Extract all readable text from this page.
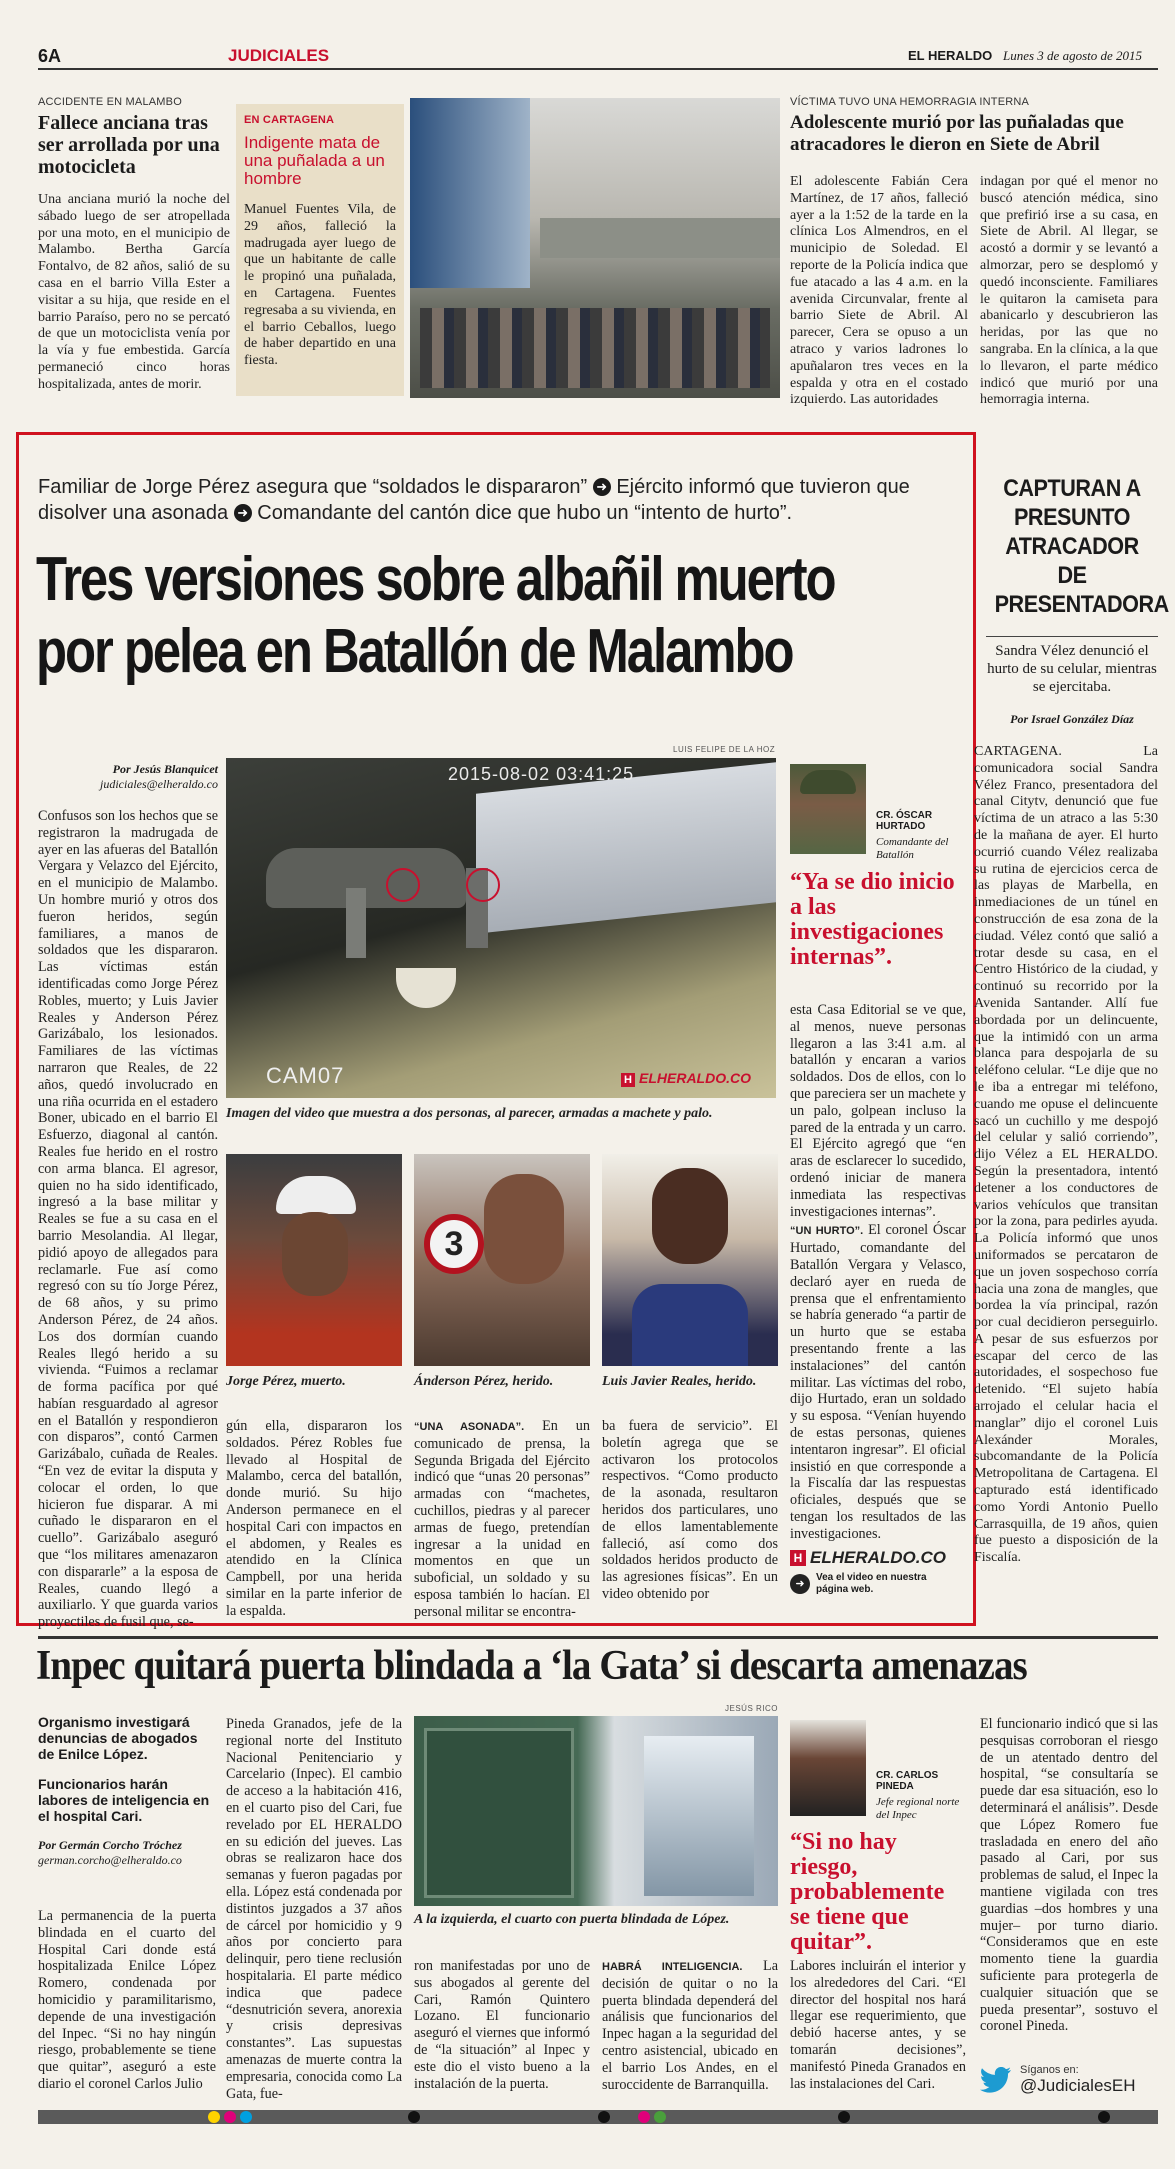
6A	JUDICIALES	EL HERALDO Lunes 3 de agosto de 2015
ACCIDENTE EN MALAMBO
Fallece anciana tras ser arrollada por una motocicleta
Una anciana murió la noche del sábado luego de ser atropellada por una moto, en el municipio de Malambo. Bertha García Fontalvo, de 82 años, salió de su casa en el barrio Villa Ester a visitar a su hija, que reside en el barrio Paraíso, pero no se percató de que un motociclista venía por la vía y fue embestida. García permaneció cinco horas hospitalizada, antes de morir.
EN CARTAGENA
Indigente mata de una puñalada a un hombre
Manuel Fuentes Vila, de 29 años, falleció la madrugada ayer luego de que un habitante de calle le propinó una puñalada, en Cartagena. Fuentes regresaba a su vivienda, en el barrio Ceballos, luego de haber departido en una fiesta.
VÍCTIMA TUVO UNA HEMORRAGIA INTERNA
Adolescente murió por las puñaladas que atracadores le dieron en Siete de Abril
El adolescente Fabián Cera Martínez, de 17 años, falleció ayer a la 1:52 de la tarde en la clínica Los Almendros, en el municipio de Soledad. El reporte de la Policía indica que fue atacado a las 4 a.m. en la avenida Circunvalar, frente al barrio Siete de Abril. Al parecer, Cera se opuso a un atraco y varios ladrones lo apuñalaron tres veces en la espalda y otra en el costado izquierdo. Las autoridades
indagan por qué el menor no buscó atención médica, sino que prefirió irse a su casa, en Siete de Abril. Al llegar, se acostó a dormir y se levantó a almorzar, pero se desplomó y quedó inconsciente. Familiares le quitaron la camiseta para abanicarlo y descubrieron las heridas, por las que no sangraba. En la clínica, a la que lo llevaron, el parte médico indicó que murió por una hemorragia interna.
Familiar de Jorge Pérez asegura que “soldados le dispararon” ➜ Ejército informó que tuvieron que disolver una asonada ➜ Comandante del cantón dice que hubo un “intento de hurto”.
Tres versiones sobre albañil muerto
por pelea en Batallón de Malambo
Por Jesús Blanquicet
judiciales@elheraldo.co
Confusos son los hechos que se registraron la madrugada de ayer en las afueras del Batallón Vergara y Velazco del Ejército, en el municipio de Malambo. Un hombre murió y otros dos fueron heridos, según familiares, a manos de soldados que les dispararon. Las víctimas están identificadas como Jorge Pérez Robles, muerto; y Luis Javier Reales y Anderson Pérez Garizábalo, los lesionados. Familiares de las víctimas narraron que Reales, de 22 años, quedó involucrado en una riña ocurrida en el estadero Boner, ubicado en el barrio El Esfuerzo, diagonal al cantón. Reales fue herido en el rostro con arma blanca. El agresor, quien no ha sido identificado, ingresó a la base militar y Reales se fue a su casa en el barrio Mesolandia. Al llegar, pidió apoyo de allegados para reclamarle. Fue así como regresó con su tío Jorge Pérez, de 68 años, y su primo Anderson Pérez, de 24 años. Los dos dormían cuando Reales llegó herido a su vivienda. “Fuimos a reclamar de forma pacífica por qué habían resguardado al agresor en el Batallón y respondieron con disparos”, contó Carmen Garizábalo, cuñada de Reales. “En vez de evitar la disputa y colocar el orden, lo que hicieron fue disparar. A mi cuñado le dispararon en el cuello”. Garizábalo aseguró que “los militares amenazaron con dispararle” a la esposa de Reales, cuando llegó a auxiliarlo. Y que guarda varios proyectiles de fusil que, se-
LUIS FELIPE DE LA HOZ
2015-08-02 03:41:25
CAM07	H ELHERALDO.CO
Imagen del video que muestra a dos personas, al parecer, armadas a machete y palo.
3
Jorge Pérez, muerto.	Ánderson Pérez, herido.	Luis Javier Reales, herido.
gún ella, dispararon los soldados. Pérez Robles fue llevado al Hospital de Malambo, cerca del batallón, donde murió. Su hijo Anderson permanece en el hospital Cari con impactos en el abdomen, y Reales es atendido en la Clínica Campbell, por una herida similar en la parte inferior de la espalda.
“UNA ASONADA”. En un comunicado de prensa, la Segunda Brigada del Ejército indicó que “unas 20 personas” armadas con “machetes, cuchillos, piedras y al parecer armas de fuego, pretendían ingresar a la unidad en momentos en que un suboficial, un soldado y su esposa también lo hacían. El personal militar se encontra-
ba fuera de servicio”. El boletín agrega que se activaron los protocolos respectivos. “Como producto de la asonada, resultaron heridos dos particulares, uno de ellos lamentablemente falleció, así como dos soldados heridos producto de las agresiones físicas”. En un video obtenido por
CR. ÓSCAR HURTADO
Comandante del Batallón
“Ya se dio inicio a las investigaciones internas”.
esta Casa Editorial se ve que, al menos, nueve personas llegaron a las 3:41 a.m. al batallón y encaran a varios soldados. Dos de ellos, con lo que pareciera ser un machete y un palo, golpean incluso la pared de la entrada y un carro. El Ejército agregó que “en aras de esclarecer lo sucedido, ordenó iniciar de manera inmediata las respectivas investigaciones internas”.
“UN HURTO”. El coronel Óscar Hurtado, comandante del Batallón Vergara y Velasco, declaró ayer en rueda de prensa que el enfrentamiento se habría generado “a partir de un hurto que se estaba presentando frente a las instalaciones” del cantón militar. Las víctimas del robo, dijo Hurtado, eran un soldado y su esposa. “Venían huyendo de estas personas, quienes intentaron ingresar”. El oficial insistió en que corresponde a la Fiscalía dar las respuestas oficiales, después que se tengan los resultados de las investigaciones.
H ELHERALDO.CO
➜
Vea el video en nuestra página web.
CAPTURAN A PRESUNTO ATRACADOR DE PRESENTADORA
Sandra Vélez denunció el hurto de su celular, mientras se ejercitaba.
Por Israel González Díaz
CARTAGENA. La comunicadora social Sandra Vélez Franco, presentadora del canal Citytv, denunció que fue víctima de un atraco a las 5:30 de la mañana de ayer. El hurto ocurrió cuando Vélez realizaba su rutina de ejercicios cerca de las playas de Marbella, en inmediaciones de un túnel en construcción de esa zona de la ciudad. Vélez contó que salió a trotar desde su casa, en el Centro Histórico de la ciudad, y continuó su recorrido por la Avenida Santander. Allí fue abordada por un delincuente, que la intimidó con un arma blanca para despojarla de su teléfono celular. “Le dije que no le iba a entregar mi teléfono, cuando me opuse el delincuente sacó un cuchillo y me despojó del celular y salió corriendo”, dijo Vélez a EL HERALDO. Según la presentadora, intentó detener a los conductores de varios vehículos que transitan por la zona, para pedirles ayuda. La Policía informó que unos uniformados se percataron de que un joven sospechoso corría hacia una zona de mangles, que bordea la vía principal, razón por cual decidieron perseguirlo. A pesar de sus esfuerzos por escapar del cerco de las autoridades, el sospechoso fue detenido. “El sujeto había arrojado el celular hacia el manglar” dijo el coronel Luis Alexánder Morales, subcomandante de la Policía Metropolitana de Cartagena. El capturado está identificado como Yordi Antonio Puello Carrasquilla, de 19 años, quien fue puesto a disposición de la Fiscalía.
Inpec quitará puerta blindada a ‘la Gata’ si descarta amenazas
Organismo investigará denuncias de abogados de Enilce López.
Funcionarios harán labores de inteligencia en el hospital Cari.
Por Germán Corcho Tróchez
german.corcho@elheraldo.co
La permanencia de la puerta blindada en el cuarto del Hospital Cari donde está hospitalizada Enilce López Romero, condenada por homicidio y paramilitarismo, depende de una investigación del Inpec. “Si no hay ningún riesgo, probablemente se tiene que quitar”, aseguró a este diario el coronel Carlos Julio
Pineda Granados, jefe de la regional norte del Instituto Nacional Penitenciario y Carcelario (Inpec). El cambio de acceso a la habitación 416, en el cuarto piso del Cari, fue revelado por EL HERALDO en su edición del jueves. Las obras se realizaron hace dos semanas y fueron pagadas por ella. López está condenada por distintos juzgados a 37 años de cárcel por homicidio y 9 años por concierto para delinquir, pero tiene reclusión hospitalaria. El parte médico indica que padece “desnutrición severa, anorexia y crisis depresivas constantes”. Las supuestas amenazas de muerte contra la empresaria, conocida como La Gata, fue-
JESÚS RICO
A la izquierda, el cuarto con puerta blindada de López.
ron manifestadas por uno de sus abogados al gerente del Cari, Ramón Quintero Lozano. El funcionario aseguró el viernes que informó de “la situación” al Inpec y este dio el visto bueno a la instalación de la puerta.
HABRÁ INTELIGENCIA. La decisión de quitar o no la puerta blindada dependerá del análisis que funcionarios del Inpec hagan a la seguridad del centro asistencial, ubicado en el barrio Los Andes, en el suroccidente de Barranquilla.
CR. CARLOS PINEDA
Jefe regional norte del Inpec
“Si no hay riesgo, probablemente se tiene que quitar”.
Labores incluirán el interior y los alrededores del Cari. “El director del hospital nos hará llegar ese requerimiento, que debió hacerse antes, y se tomarán decisiones”, manifestó Pineda Granados en las instalaciones del Cari.
El funcionario indicó que si las pesquisas corroboran el riesgo de un atentado dentro del hospital, “se consultaría se puede dar esa situación, eso lo determinará el análisis”. Desde que López Romero fue trasladada en enero del año pasado al Cari, por sus problemas de salud, el Inpec la mantiene vigilada con tres guardias –dos hombres y una mujer– por turno diario. “Consideramos que en este momento tiene la guardia suficiente para protegerla de cualquier situación que se pueda presentar”, sostuvo el coronel Pineda.
Síganos en:
@JudicialesEH
